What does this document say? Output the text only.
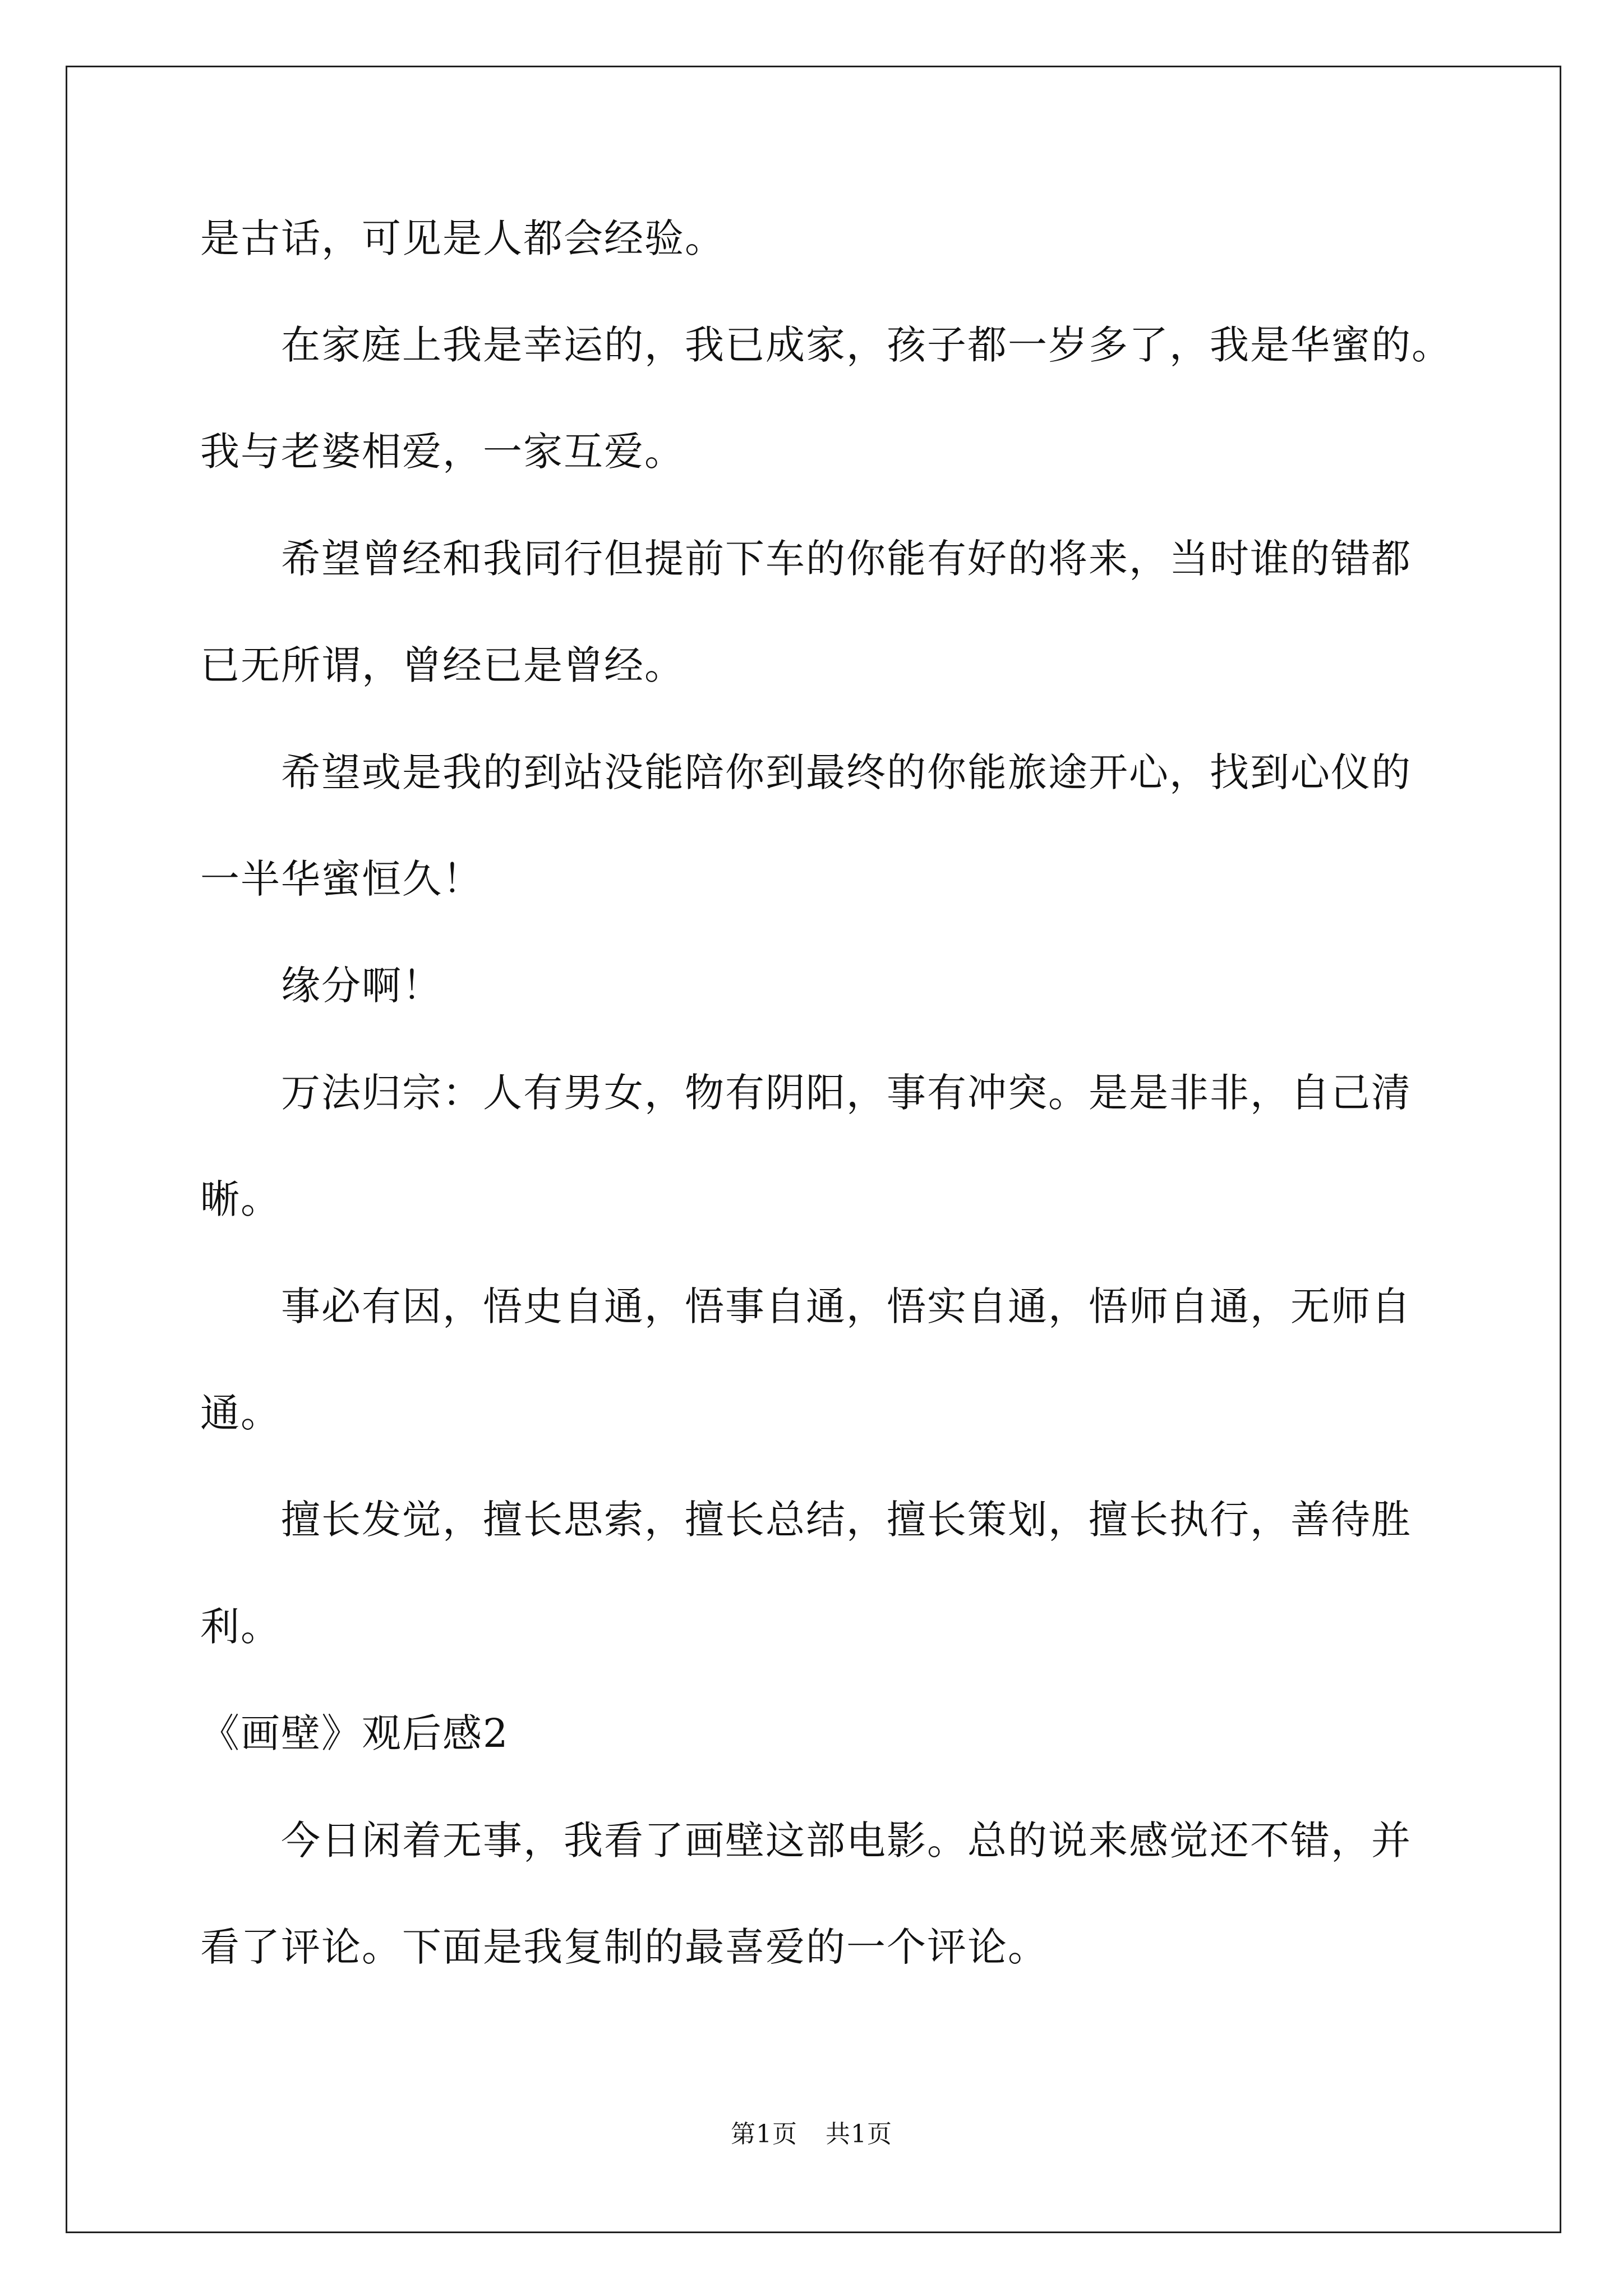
是古话，可见是人都会经验。
在家庭上我是幸运的，我已成家，孩子都一岁多了，我是华蜜的。
我与老婆相爱，一家互爱。
希望曾经和我同行但提前下车的你能有好的将来，当时谁的错都
已无所谓，曾经已是曾经。
希望或是我的到站没能陪你到最终的你能旅途开心，找到心仪的
一半华蜜恒久！
缘分啊！
万法归宗：人有男女，物有阴阳，事有冲突。是是非非，自己清
晰。
事必有因，悟史自通，悟事自通，悟实自通，悟师自通，无师自
通。
擅长发觉，擅长思索，擅长总结，擅长策划，擅长执行，善待胜
利。
《画壁》观后感2
今日闲着无事，我看了画壁这部电影。总的说来感觉还不错，并
看了评论。下面是我复制的最喜爱的一个评论。
第1页 共1页
